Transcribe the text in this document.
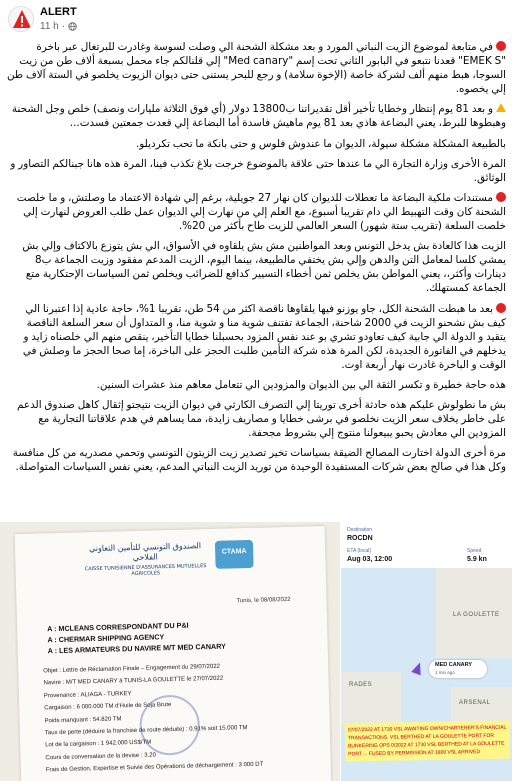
ALERT
11 h ·

في متابعة لموضوع الزيت النباتي المورد و بعد مشكلة الشحنة الي وصلت لسوسة وغادرت للبرتغال عبر باخرة "EMEK S" قعدنا نتبعو في البابور الثاني تحت إسم "Med canary" إلي قلنالكم جاء محمل بسبعة ألاف طن من زيت السوجا، هبط منهم ألف لشركة خاصة (الإخوة سلامة) و رجع للبحر يستنى حتى ديوان الزيوت يخلصو في الستة آلاف طن إلي يخصوه.

و بعد 81 يوم إنتظار وخطايا تأخير أقل تقديراتنا ب13800 دولار (أي فوق الثلاثة مليارات ونصف) خلص وجل الشحنة وهبطوها للبرط، يعني البضاعة هاذي بعد 81 يوم ماهيش فاسدة أما البضاعة إلي قعدت جمعتين فسدت...

بالطبيعة المشكلة مشكلة سيولة، الديوان ما عندوش فلوس و حتى بانكة ما تحب تكرديلو.

المرة الأخرى وزارة التجارة الي ما عندها حتى علاقة بالموضوع خرجت بلاغ تكذب فينا، المرة هذه هانا جبنالكم التصاور و الوثائق.

مستندات ملكية البضاعة ما تعطلات للديوان كان نهار 27 جويلية، برغم إلي شهادة الاعتماد ما وصلتش، و ما خلصت الشحنة كان وقت التهبيط الي دام تقريبا أسبوع، مع العلم إلي من نهارت إلي الديوان عمل طلب العروض لنهارت إلي خلصت السلعة (تقريب ستة شهور) السعر العالمي للزيت طاح بأكثر من 20%.

الزيت هذا كالعادة بش يدخل التونس وبعد المواطنين مش بش يلقاوه في الأسواق، الي بش يتوزع بالاكتاف وإلي بش يمشي كلسا لمعامل التن والدهن وإلي بش يختفي مالطبيعة، بينما اليوم، الزيت المدعم مفقود وزيت الجماعة ب8 دينارات وأكثر،، يعني المواطن بش يخلص ثمن أخطاء التسيير كدافع للضرائب ويخلص ثمن السياسات الإحتكارية متع الجماعة كمستهلك.

بعد ما هبطت الشحنة الكل، جاو يوزنو فيها يلقاوها ناقصة اكثر من 54 طن، تقريبا 1%، حاجة عادية إذا اعتبرنا الي كيف بش نشحنو الزيت في 2000 شاحنة، الجماعة تفتنف شوية منا و شوية منا، و المتداول أن سعر السلعة الناقصة يتقيد و الدولة الي جابية كيف تعاودو تشري بو عند نفس المزود بحسبلنا خطايا التأخير، ينقص منهم الي خلصناه زايد و يدخلهم في الفاتورة الجديدة، لكن المرة هذه شركة التأمين طلبت الحجز على الباخرة، إما صحا الحجز ما وصلش في الوقت و الباخرة غادرت نهار أربعة اوت.

هذه حاجة خطيرة و تكسر الثقة الي بين الديوان والمزودين الي تتعامل معاهم منذ عشرات السنين.

بش ما نطولوش عليكم هذه حادثة أخرى توريتا إلي التصرف الكارثي في ديوان الزيت نتيجتو إثقال كاهل صندوق الدعم على خاطر يخلاف سعر الزيت نخلصو في برشى خطايا و مصاريف زايدة، مما يساهم في هدم علاقاتنا التجارية مع المزودين الي معادش يحبو يبيعولنا منتوج إلي بشروط مجحفة.

مرة أخرى الدولة اختارت المصالح الضيقة بسياسات تخير تصدير زيت الزيتون التونسي وتحمي مصدريه من كل منافسة وكل هذا في صالح بعض شركات المستفيدة الوحيدة من توريد الزيت النباتي المدعم، يعني نفس السياسات المتواصلة.

الصندوق التونسي للتأمين التعاوني الفلاحي
CAISSE TUNISIENNE D'ASSURANCES MUTUELLES AGRICOLES
CTAMA
Tunis, le 08/08/2022
A : MCLEANS CORRESPONDANT DU P&I
A : CHERMAR SHIPPING AGENCY
A : LES ARMATEURS DU NAVIRE M/T MED CANARY
Objet : Lettre de Réclamation Finale – Engagement du 29/07/2022
Navire : M/T MED CANARY à TUNIS-LA GOULETTE le 27/07/2022
Provenance : ALIAGA - TURKEY
Cargaison : 6 000.000 TM d'Huile de Soja Brute
Poids manquant : 54.820 TM
Taux de perte (déduire la franchise de route déduite) : 0.91% soit 15.000 TM
Lot de la cargaison : 1 942.000 US$/TM
Cours de conversation de la devise : 3.20
Frais de Gestion, Expertise et Suivie des Opérations de déchargement : 3 000 DT
Destination
ROCDN
ETA (local)
Aug 03, 12:00
Speed
5.9 kn
LA GOULETTE
RADES
ARSENAL
MED CANARY
1 min ago
07/07/2022 AT 1730 VSL AWAITING OWN/CHARTERER'S FINANCIAL TRANSACTIONS. VSL BERTHED AT LA GOULETTE PORT FOR BUNKERING OPS 0/2022 AT 1730 VSL BERTHED AT LA GOULETTE PORT ... FUSED BY PERMISSION AT 1800 VSL ARRIVED
